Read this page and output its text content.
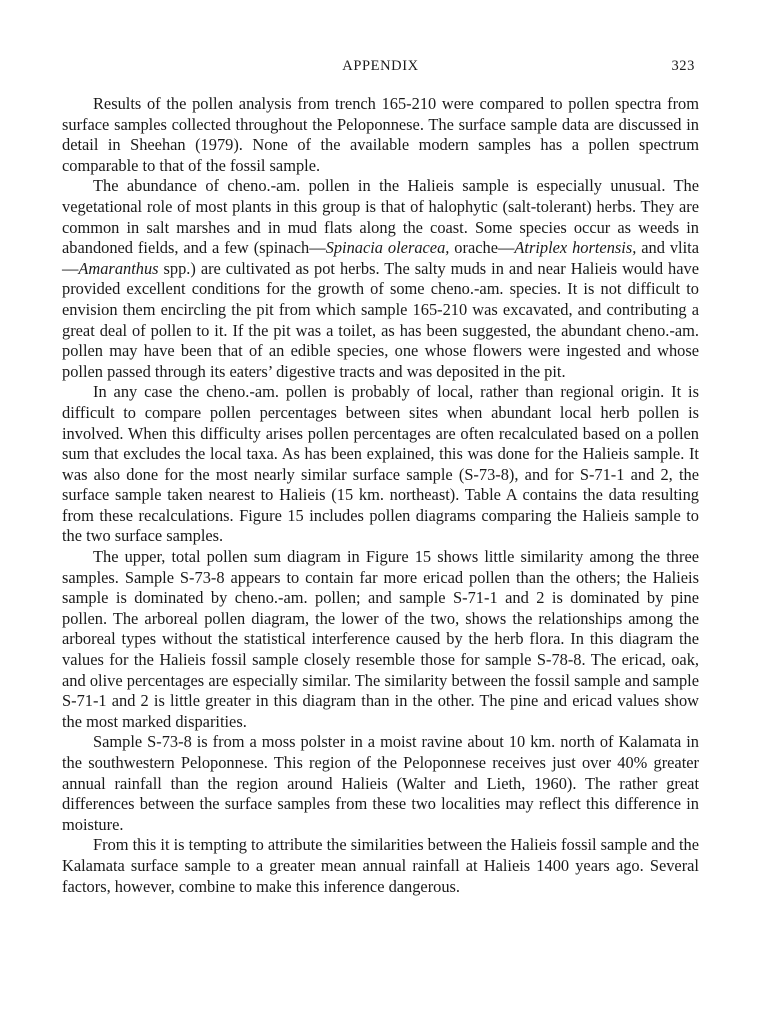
APPENDIX	323

Results of the pollen analysis from trench 165-210 were compared to pollen spectra from surface samples collected throughout the Peloponnese. The surface sample data are discussed in detail in Sheehan (1979). None of the available modern samples has a pollen spectrum comparable to that of the fossil sample.

The abundance of cheno.-am. pollen in the Halieis sample is especially unusual. The vegetational role of most plants in this group is that of halophytic (salt-tolerant) herbs. They are common in salt marshes and in mud flats along the coast. Some species occur as weeds in abandoned fields, and a few (spinach—Spinacia oleracea, orache—Atriplex hortensis, and vlita—Amaranthus spp.) are cultivated as pot herbs. The salty muds in and near Halieis would have provided excellent conditions for the growth of some cheno.-am. species. It is not difficult to envision them encircling the pit from which sample 165-210 was excavated, and contributing a great deal of pollen to it. If the pit was a toilet, as has been suggested, the abundant cheno.-am. pollen may have been that of an edible species, one whose flowers were ingested and whose pollen passed through its eaters’ digestive tracts and was deposited in the pit.

In any case the cheno.-am. pollen is probably of local, rather than regional origin. It is difficult to compare pollen percentages between sites when abundant local herb pollen is involved. When this difficulty arises pollen percentages are often recalculated based on a pollen sum that excludes the local taxa. As has been explained, this was done for the Halieis sample. It was also done for the most nearly similar surface sample (S-73-8), and for S-71-1 and 2, the surface sample taken nearest to Halieis (15 km. northeast). Table A contains the data resulting from these recalculations. Figure 15 includes pollen diagrams comparing the Halieis sample to the two surface samples.

The upper, total pollen sum diagram in Figure 15 shows little similarity among the three samples. Sample S-73-8 appears to contain far more ericad pollen than the others; the Halieis sample is dominated by cheno.-am. pollen; and sample S-71-1 and 2 is dominated by pine pollen. The arboreal pollen diagram, the lower of the two, shows the relationships among the arboreal types without the statistical interference caused by the herb flora. In this diagram the values for the Halieis fossil sample closely resemble those for sample S-78-8. The ericad, oak, and olive percentages are especially similar. The similarity between the fossil sample and sample S-71-1 and 2 is little greater in this diagram than in the other. The pine and ericad values show the most marked disparities.

Sample S-73-8 is from a moss polster in a moist ravine about 10 km. north of Kalamata in the southwestern Peloponnese. This region of the Peloponnese receives just over 40% greater annual rainfall than the region around Halieis (Walter and Lieth, 1960). The rather great differences between the surface samples from these two localities may reflect this difference in moisture.

From this it is tempting to attribute the similarities between the Halieis fossil sample and the Kalamata surface sample to a greater mean annual rainfall at Halieis 1400 years ago. Several factors, however, combine to make this inference dangerous.
